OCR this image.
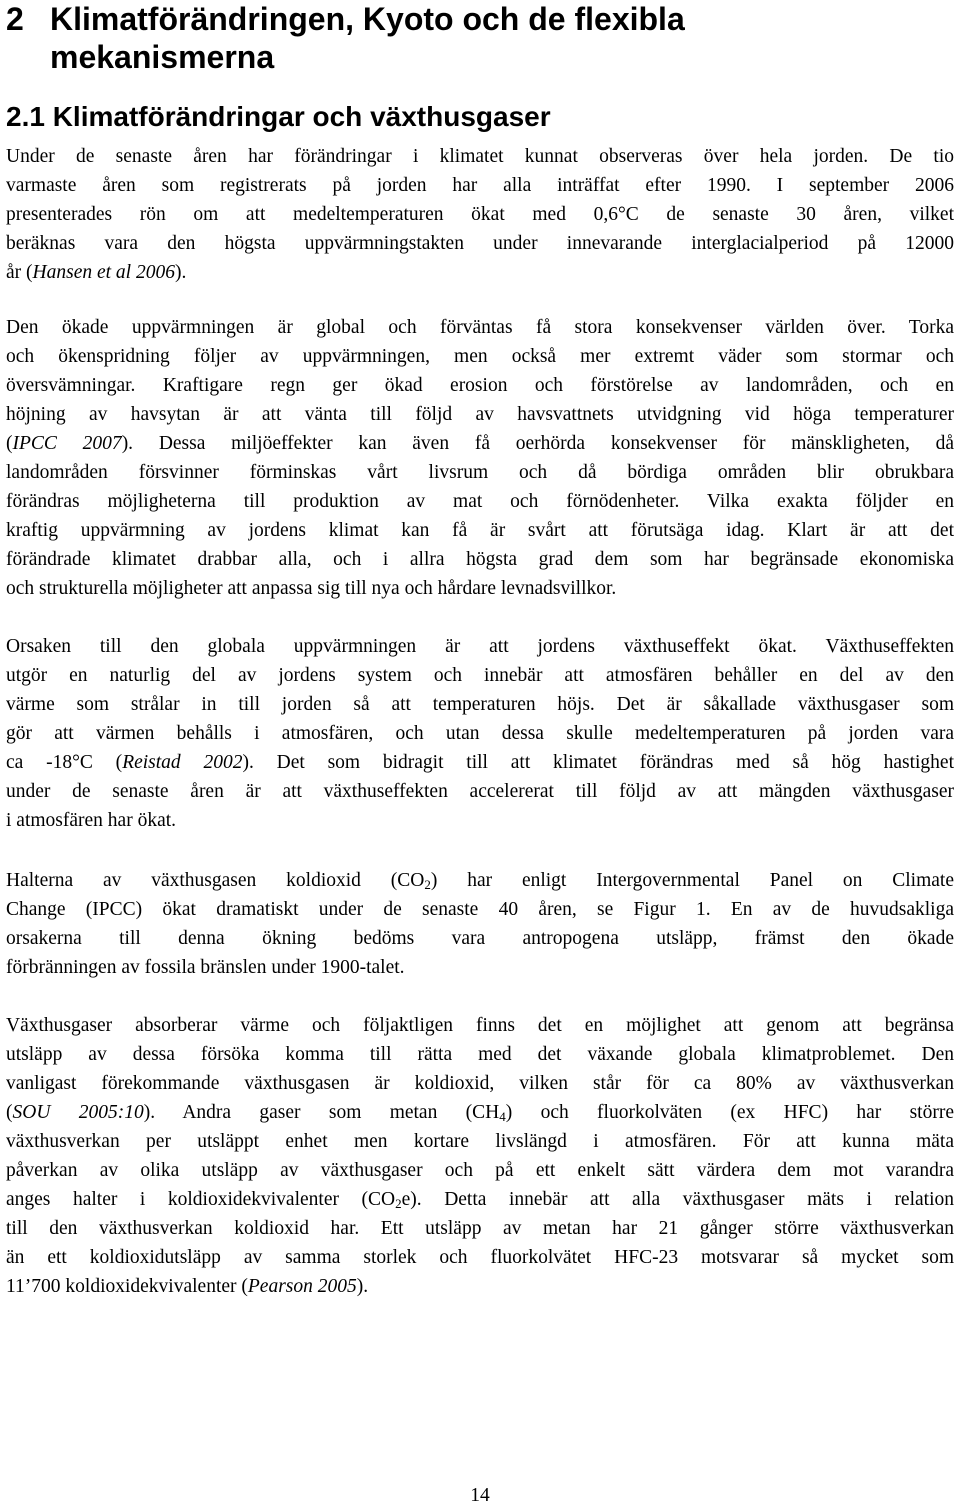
2 Klimatförändringen, Kyoto och de flexibla
mekanismerna
2.1 Klimatförändringar och växthusgaser
Under de senaste åren har förändringar i klimatet kunnat observeras över hela jorden. De tio
varmaste åren som registrerats på jorden har alla inträffat efter 1990. I september 2006
presenterades rön om att medeltemperaturen ökat med 0,6°C de senaste 30 åren, vilket
beräknas vara den högsta uppvärmningstakten under innevarande interglacialperiod på 12000
år (Hansen et al 2006).
Den ökade uppvärmningen är global och förväntas få stora konsekvenser världen över. Torka
och ökenspridning följer av uppvärmningen, men också mer extremt väder som stormar och
översvämningar. Kraftigare regn ger ökad erosion och förstörelse av landområden, och en
höjning av havsytan är att vänta till följd av havsvattnets utvidgning vid höga temperaturer
(IPCC 2007). Dessa miljöeffekter kan även få oerhörda konsekvenser för mänskligheten, då
landområden försvinner förminskas vårt livsrum och då bördiga områden blir obrukbara
förändras möjligheterna till produktion av mat och förnödenheter. Vilka exakta följder en
kraftig uppvärmning av jordens klimat kan få är svårt att förutsäga idag. Klart är att det
förändrade klimatet drabbar alla, och i allra högsta grad dem som har begränsade ekonomiska
och strukturella möjligheter att anpassa sig till nya och hårdare levnadsvillkor.
Orsaken till den globala uppvärmningen är att jordens växthuseffekt ökat. Växthuseffekten
utgör en naturlig del av jordens system och innebär att atmosfären behåller en del av den
värme som strålar in till jorden så att temperaturen höjs. Det är såkallade växthusgaser som
gör att värmen behålls i atmosfären, och utan dessa skulle medeltemperaturen på jorden vara
ca -18°C (Reistad 2002). Det som bidragit till att klimatet förändras med så hög hastighet
under de senaste åren är att växthuseffekten accelererat till följd av att mängden växthusgaser
i atmosfären har ökat.
Halterna av växthusgasen koldioxid $(CO_2)$ har enligt Intergovernmental Panel on Climate
Change (IPCC) ökat dramatiskt under de senaste 40 åren, se Figur 1. En av de huvudsakliga
orsakerna till denna ökning bedöms vara antropogena utsläpp, främst den ökade
förbränningen av fossila bränslen under 1900-talet.
Växthusgaser absorberar värme och följaktligen finns det en möjlighet att genom att begränsa
utsläpp av dessa försöka komma till rätta med det växande globala klimatproblemet. Den
vanligast förekommande växthusgasen är koldioxid, vilken står för ca 80% av växthusverkan
(SOU 2005:10). Andra gaser som metan $(CH_4)$ och fluorkolväten (ex HFC) har större
växthusverkan per utsläppt enhet men kortare livslängd i atmosfären. För att kunna mäta
påverkan av olika utsläpp av växthusgaser och på ett enkelt sätt värdera dem mot varandra
anges halter i koldioxidekvivalenter $(CO_2e)$. Detta innebär att alla växthusgaser mäts i relation
till den växthusverkan koldioxid har. Ett utsläpp av metan har 21 gånger större växthusverkan
än ett koldioxidutsläpp av samma storlek och fluorkolvätet HFC-23 motsvarar så mycket som
11’700 koldioxidekvivalenter (Pearson 2005).
14
